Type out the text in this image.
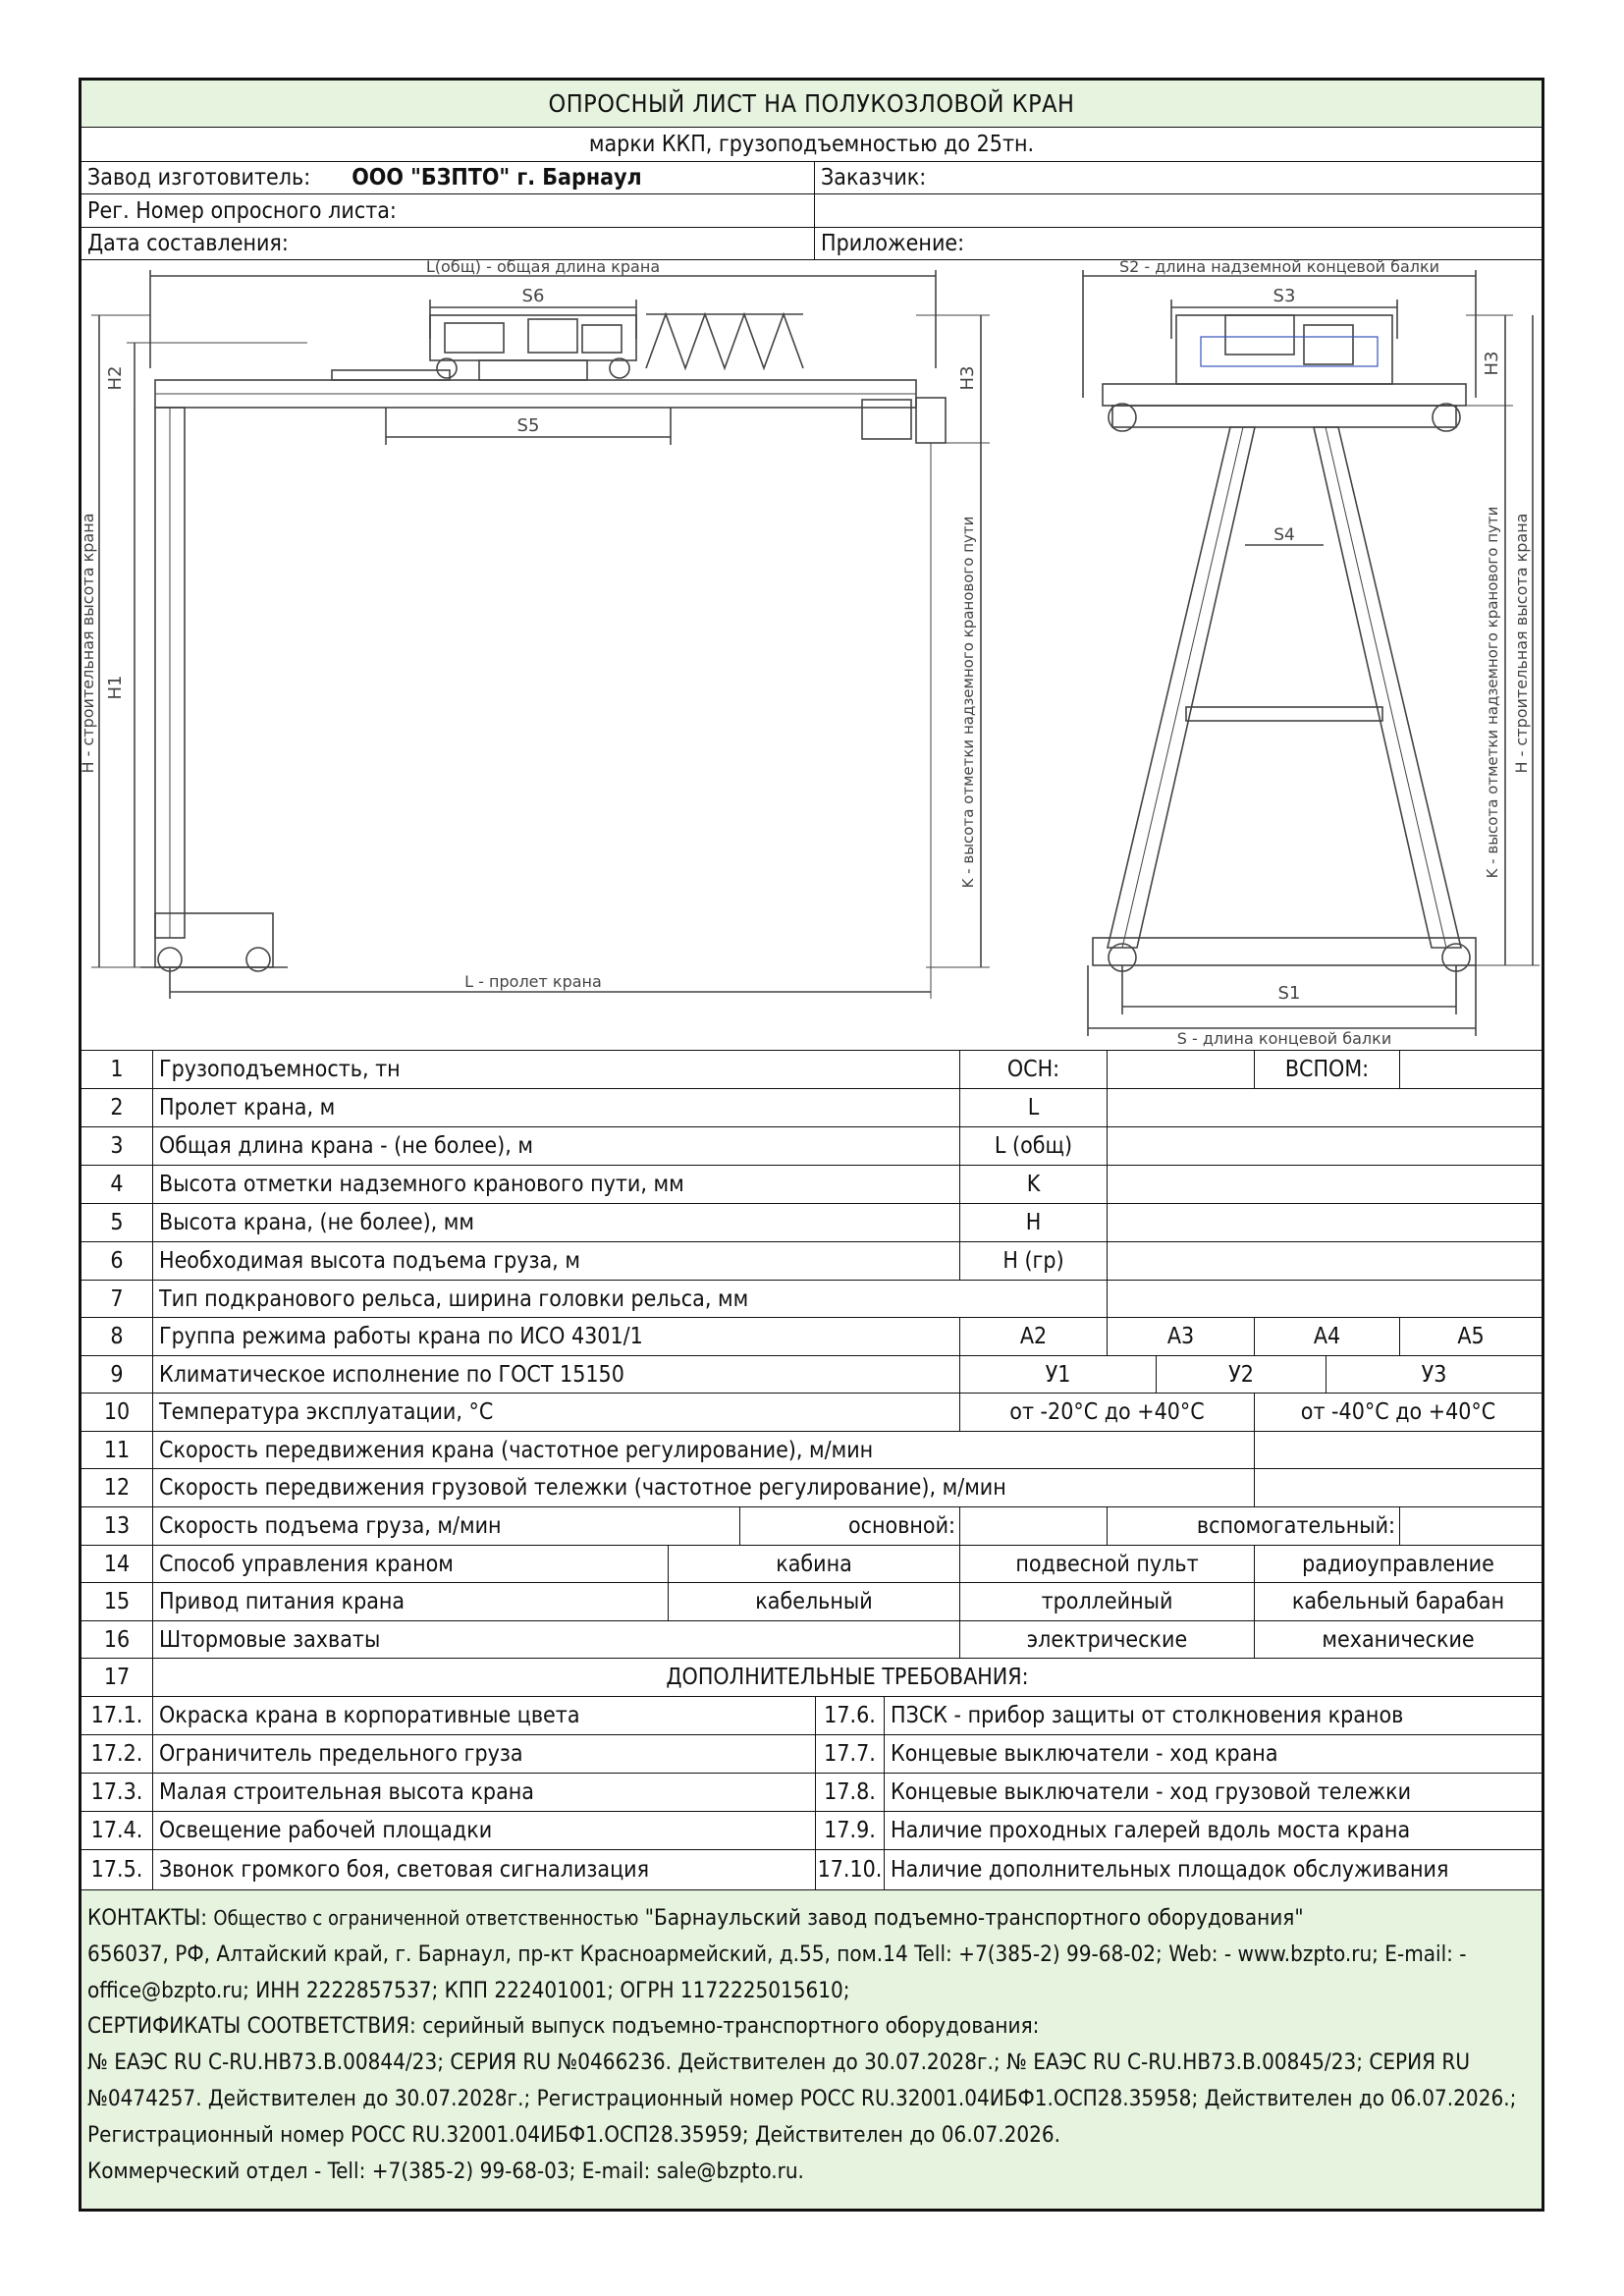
ОПРОСНЫЙ ЛИСТ НА ПОЛУКОЗЛОВОЙ КРАН
марки ККП, грузоподъемностью до 25тн.
Завод изготовитель: ООО "БЗПТО" г. Барнаул	Заказчик:
Рег. Номер опросного листа:
Дата составления:	Приложение:
L(общ) - общая длина крана
S6
H2
S5
H - строительная высота крана H1
H3
K - высота отметки надземного кранового пути
L - пролет крана
S2 - длина надземной концевой балки
S3
S4
S1
S - длина концевой балки
H3
K - высота отметки надземного кранового пути H - строительная высота крана
1	Грузоподъемность, тн	ОСН:	ВСПОМ:
2	Пролет крана, м	L
3	Общая длина крана - (не более), м	L (общ)
4	Высота отметки надземного кранового пути, мм	K
5	Высота крана, (не более), мм	H
6	Необходимая высота подъема груза, м	H (гр)
7	Тип подкранового рельса, ширина головки рельса, мм
8	Группа режима работы крана по ИСО 4301/1	A2	A3	A4	A5
9	Климатическое исполнение по ГОСТ 15150	У1	У2	У3
10	Температура эксплуатации, °С	от -20°С до +40°С	от -40°С до +40°С
11	Скорость передвижения крана (частотное регулирование), м/мин
12	Скорость передвижения грузовой тележки (частотное регулирование), м/мин
13	Скорость подъема груза, м/мин	основной:	вспомогательный:
14	Способ управления краном	кабина	подвесной пульт	радиоуправление
15	Привод питания крана	кабельный	троллейный	кабельный барабан
16	Штормовые захваты	электрические	механические
17	ДОПОЛНИТЕЛЬНЫЕ ТРЕБОВАНИЯ:
17.1. Окраска крана в корпоративные цвета	17.6. ПЗСК - прибор защиты от столкновения кранов
17.2. Ограничитель предельного груза	17.7. Концевые выключатели - ход крана
17.3. Малая строительная высота крана	17.8. Концевые выключатели - ход грузовой тележки
17.4. Освещение рабочей площадки	17.9. Наличие проходных галерей вдоль моста крана
17.5. Звонок громкого боя, световая сигнализация	17.10. Наличие дополнительных площадок обслуживания
КОНТАКТЫ: Общество с ограниченной ответственностью "Барнаульский завод подъемно-транспортного оборудования"
656037, РФ, Алтайский край, г. Барнаул, пр-кт Красноармейский, д.55, пом.14 Tell: +7(385-2) 99-68-02; Web: - www.bzpto.ru; E-mail: - office@bzpto.ru; ИНН 2222857537; КПП 222401001; ОГРН 1172225015610;
СЕРТИФИКАТЫ СООТВЕТСТВИЯ: серийный выпуск подъемно-транспортного оборудования:
№ ЕАЭС RU C-RU.HB73.B.00844/23; СЕРИЯ RU №0466236. Действителен до 30.07.2028г.; № ЕАЭС RU C-RU.HB73.B.00845/23; СЕРИЯ RU №0474257. Действителен до 30.07.2028г.; Регистрационный номер РОСС RU.32001.04ИБФ1.ОСП28.35958; Действителен до 06.07.2026.; Регистрационный номер РОСС RU.32001.04ИБФ1.ОСП28.35959; Действителен до 06.07.2026.
Коммерческий отдел - Tell: +7(385-2) 99-68-03; E-mail: sale@bzpto.ru.
